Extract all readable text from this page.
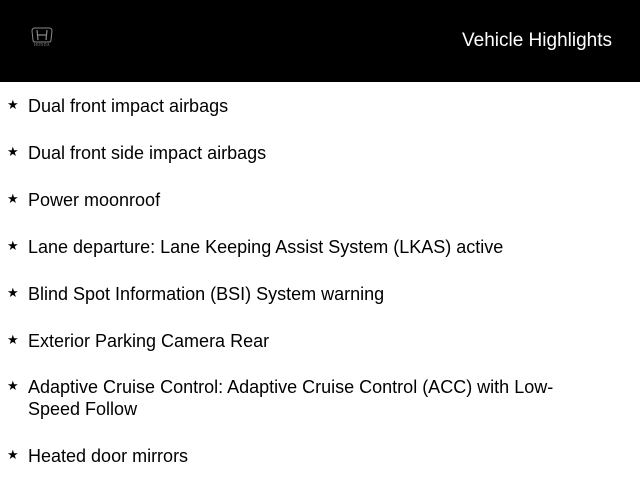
HONDA	Vehicle Highlights
★ Dual front impact airbags
★ Dual front side impact airbags
★ Power moonroof
★ Lane departure: Lane Keeping Assist System (LKAS) active
★ Blind Spot Information (BSI) System warning
★ Exterior Parking Camera Rear
★ Adaptive Cruise Control: Adaptive Cruise Control (ACC) with Low-Speed Follow
★ Heated door mirrors
